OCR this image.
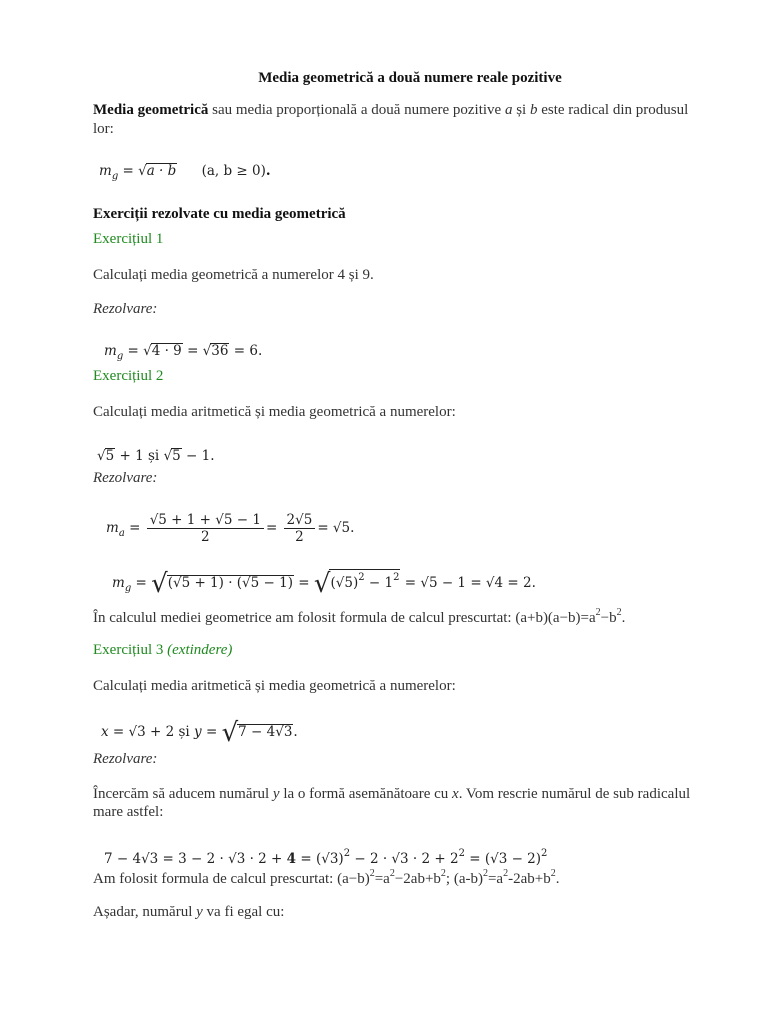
Media geometrică a două numere reale pozitive
Media geometrică sau media proporțională a două numere pozitive a și b este radical din produsul
lor:
$m_g = √a \cdot b$ (a, b ≥ 0).
Exerciții rezolvate cu media geometrică
Exercițiul 1
Calculați media geometrică a numerelor 4 și 9.
Rezolvare:
$m_g = √4 \cdot 9 = √36 = 6$.
Exercițiul 2
Calculați media aritmetică și media geometrică a numerelor:
√5 + 1 și √5 − 1.
Rezolvare:
$m_a = \frac{√5 + 1 + √5 - 1}{2} = \frac{2√5}{2} = √5$.
$m_g = √(√5 + 1) \cdot (√5 - 1) = √(√5)^2 - 1^2 = √5 - 1 = √4 = 2$.
În calculul mediei geometrice am folosit formula de calcul prescurtat: $(a+b)(a-b)=a^2-b^2$.
Exercițiul 3 (extindere)
Calculați media aritmetică și media geometrică a numerelor:
x = √3 + 2 și y = √7 − 4√3.
Rezolvare:
Încercăm să aducem numărul y la o formă asemănătoare cu x. Vom rescrie numărul de sub radicalul
mare astfel:
$7 - 4√3 = 3 - 2 \cdot √3 \cdot 2 + 4 = (√3)^2 - 2 \cdot √3 \cdot 2 + 2^2 = (√3 - 2)^2$
Am folosit formula de calcul prescurtat: $(a-b)^2=a^2-2ab+b^2$; $(a-b)^2=a^2-2ab+b^2$.
Așadar, numărul y va fi egal cu:
